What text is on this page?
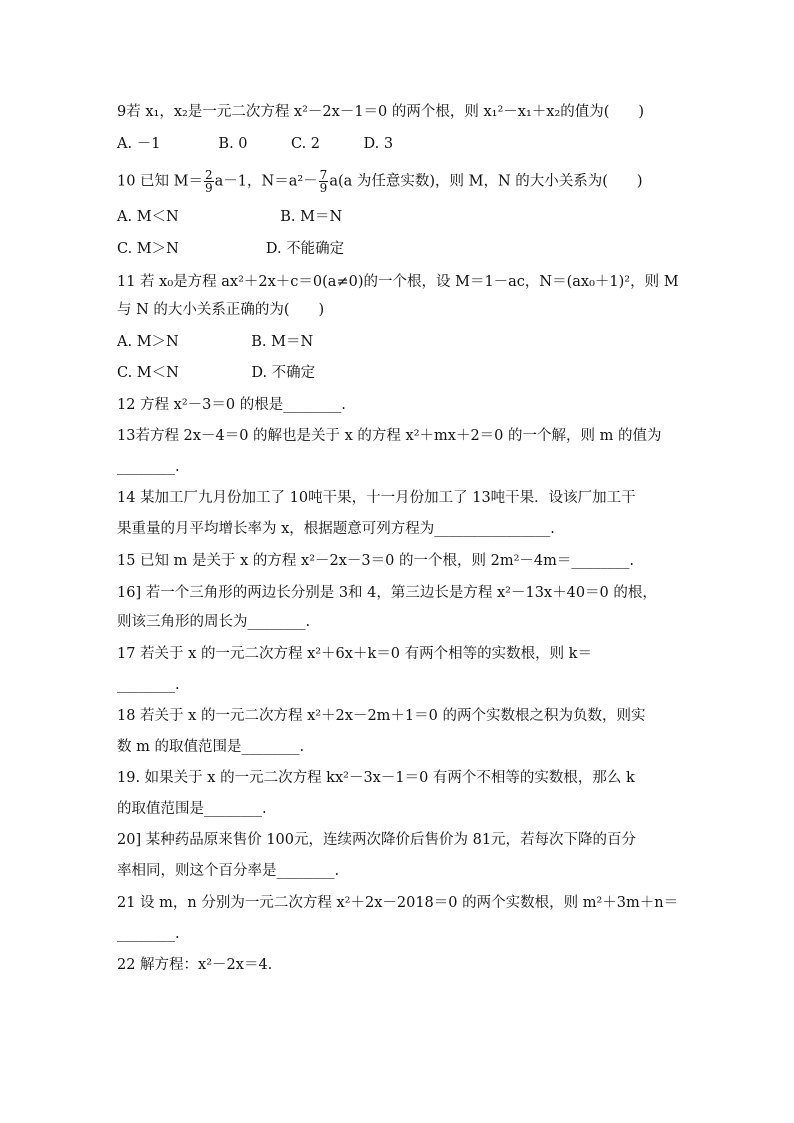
9若 x₁，x₂是一元二次方程 x²－2x－1＝0 的两个根，则 x₁²－x₁＋x₂的值为(　　)
A. －1　　　　B. 0　　　C. 2　　　D. 3
10 已知 $M= \frac{2}{9} a-1$，$N=a^2- \frac{7}{9} a(a$ 为任意实数)，则 M，N 的大小关系为(　　)
A. M＜N　　　　　　　B. M＝N
C. M＞N　　　　　　D. 不能确定
11 若 x₀是方程 ax²＋2x＋c＝0(a≠0)的一个根，设 M＝1－ac，N＝(ax₀＋1)²，则 M
与 N 的大小关系正确的为(　　)
A. M＞N　　　　　B. M＝N
C. M＜N　　　　　D. 不确定
12 方程 x²－3＝0 的根是________.
13若方程 2x－4＝0 的解也是关于 x 的方程 x²＋mx＋2＝0 的一个解，则 m 的值为
________.
14 某加工厂九月份加工了 10吨干果，十一月份加工了 13吨干果．设该厂加工干
果重量的月平均增长率为 x，根据题意可列方程为________________.
15 已知 m 是关于 x 的方程 x²－2x－3＝0 的一个根，则 2m²－4m＝________.
16] 若一个三角形的两边长分别是 3和 4，第三边长是方程 x²－13x＋40＝0 的根，
则该三角形的周长为________.
17 若关于 x 的一元二次方程 x²＋6x＋k＝0 有两个相等的实数根，则 k＝
________.
18 若关于 x 的一元二次方程 x²＋2x－2m＋1＝0 的两个实数根之积为负数，则实
数 m 的取值范围是________.
19. 如果关于 x 的一元二次方程 kx²－3x－1＝0 有两个不相等的实数根，那么 k
的取值范围是________.
20] 某种药品原来售价 100元，连续两次降价后售价为 81元，若每次下降的百分
率相同，则这个百分率是________.
21 设 m，n 分别为一元二次方程 x²＋2x－2018＝0 的两个实数根，则 m²＋3m＋n＝
________.
22 解方程：x²－2x＝4.
